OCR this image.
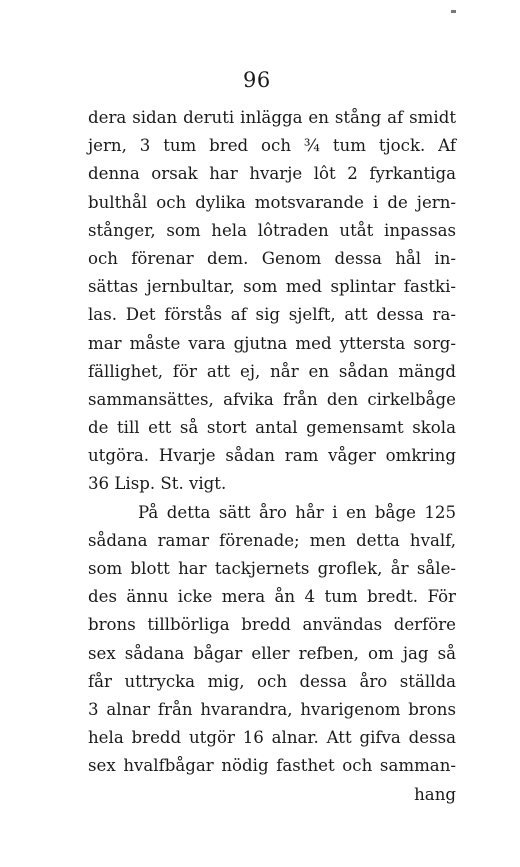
96
dera sidan deruti inlägga en stång af smidt
jern, 3 tum bred och ¾ tum tjock. Af
denna orsak har hvarje lôt 2 fyrkantiga
bulthål och dylika motsvarande i de jern-
stånger, som hela lôtraden utåt inpassas
och förenar dem. Genom dessa hål in-
sättas jernbultar, som med splintar fastki-
las. Det förstås af sig sjelft, att dessa ra-
mar måste vara gjutna med yttersta sorg-
fällighet, för att ej, når en sådan mängd
sammansättes, afvika från den cirkelbåge
de till ett så stort antal gemensamt skola
utgöra. Hvarje sådan ram våger omkring
36 Lisp. St. vigt.
På detta sätt åro hår i en båge 125
sådana ramar förenade; men detta hvalf,
som blott har tackjernets groflek, år såle-
des ännu icke mera ån 4 tum bredt. För
brons tillbörliga bredd användas derföre
sex sådana bågar eller refben, om jag så
får uttrycka mig, och dessa åro ställda
3 alnar från hvarandra, hvarigenom brons
hela bredd utgör 16 alnar. Att gifva dessa
sex hvalfbågar nödig fasthet och samman-
hang
